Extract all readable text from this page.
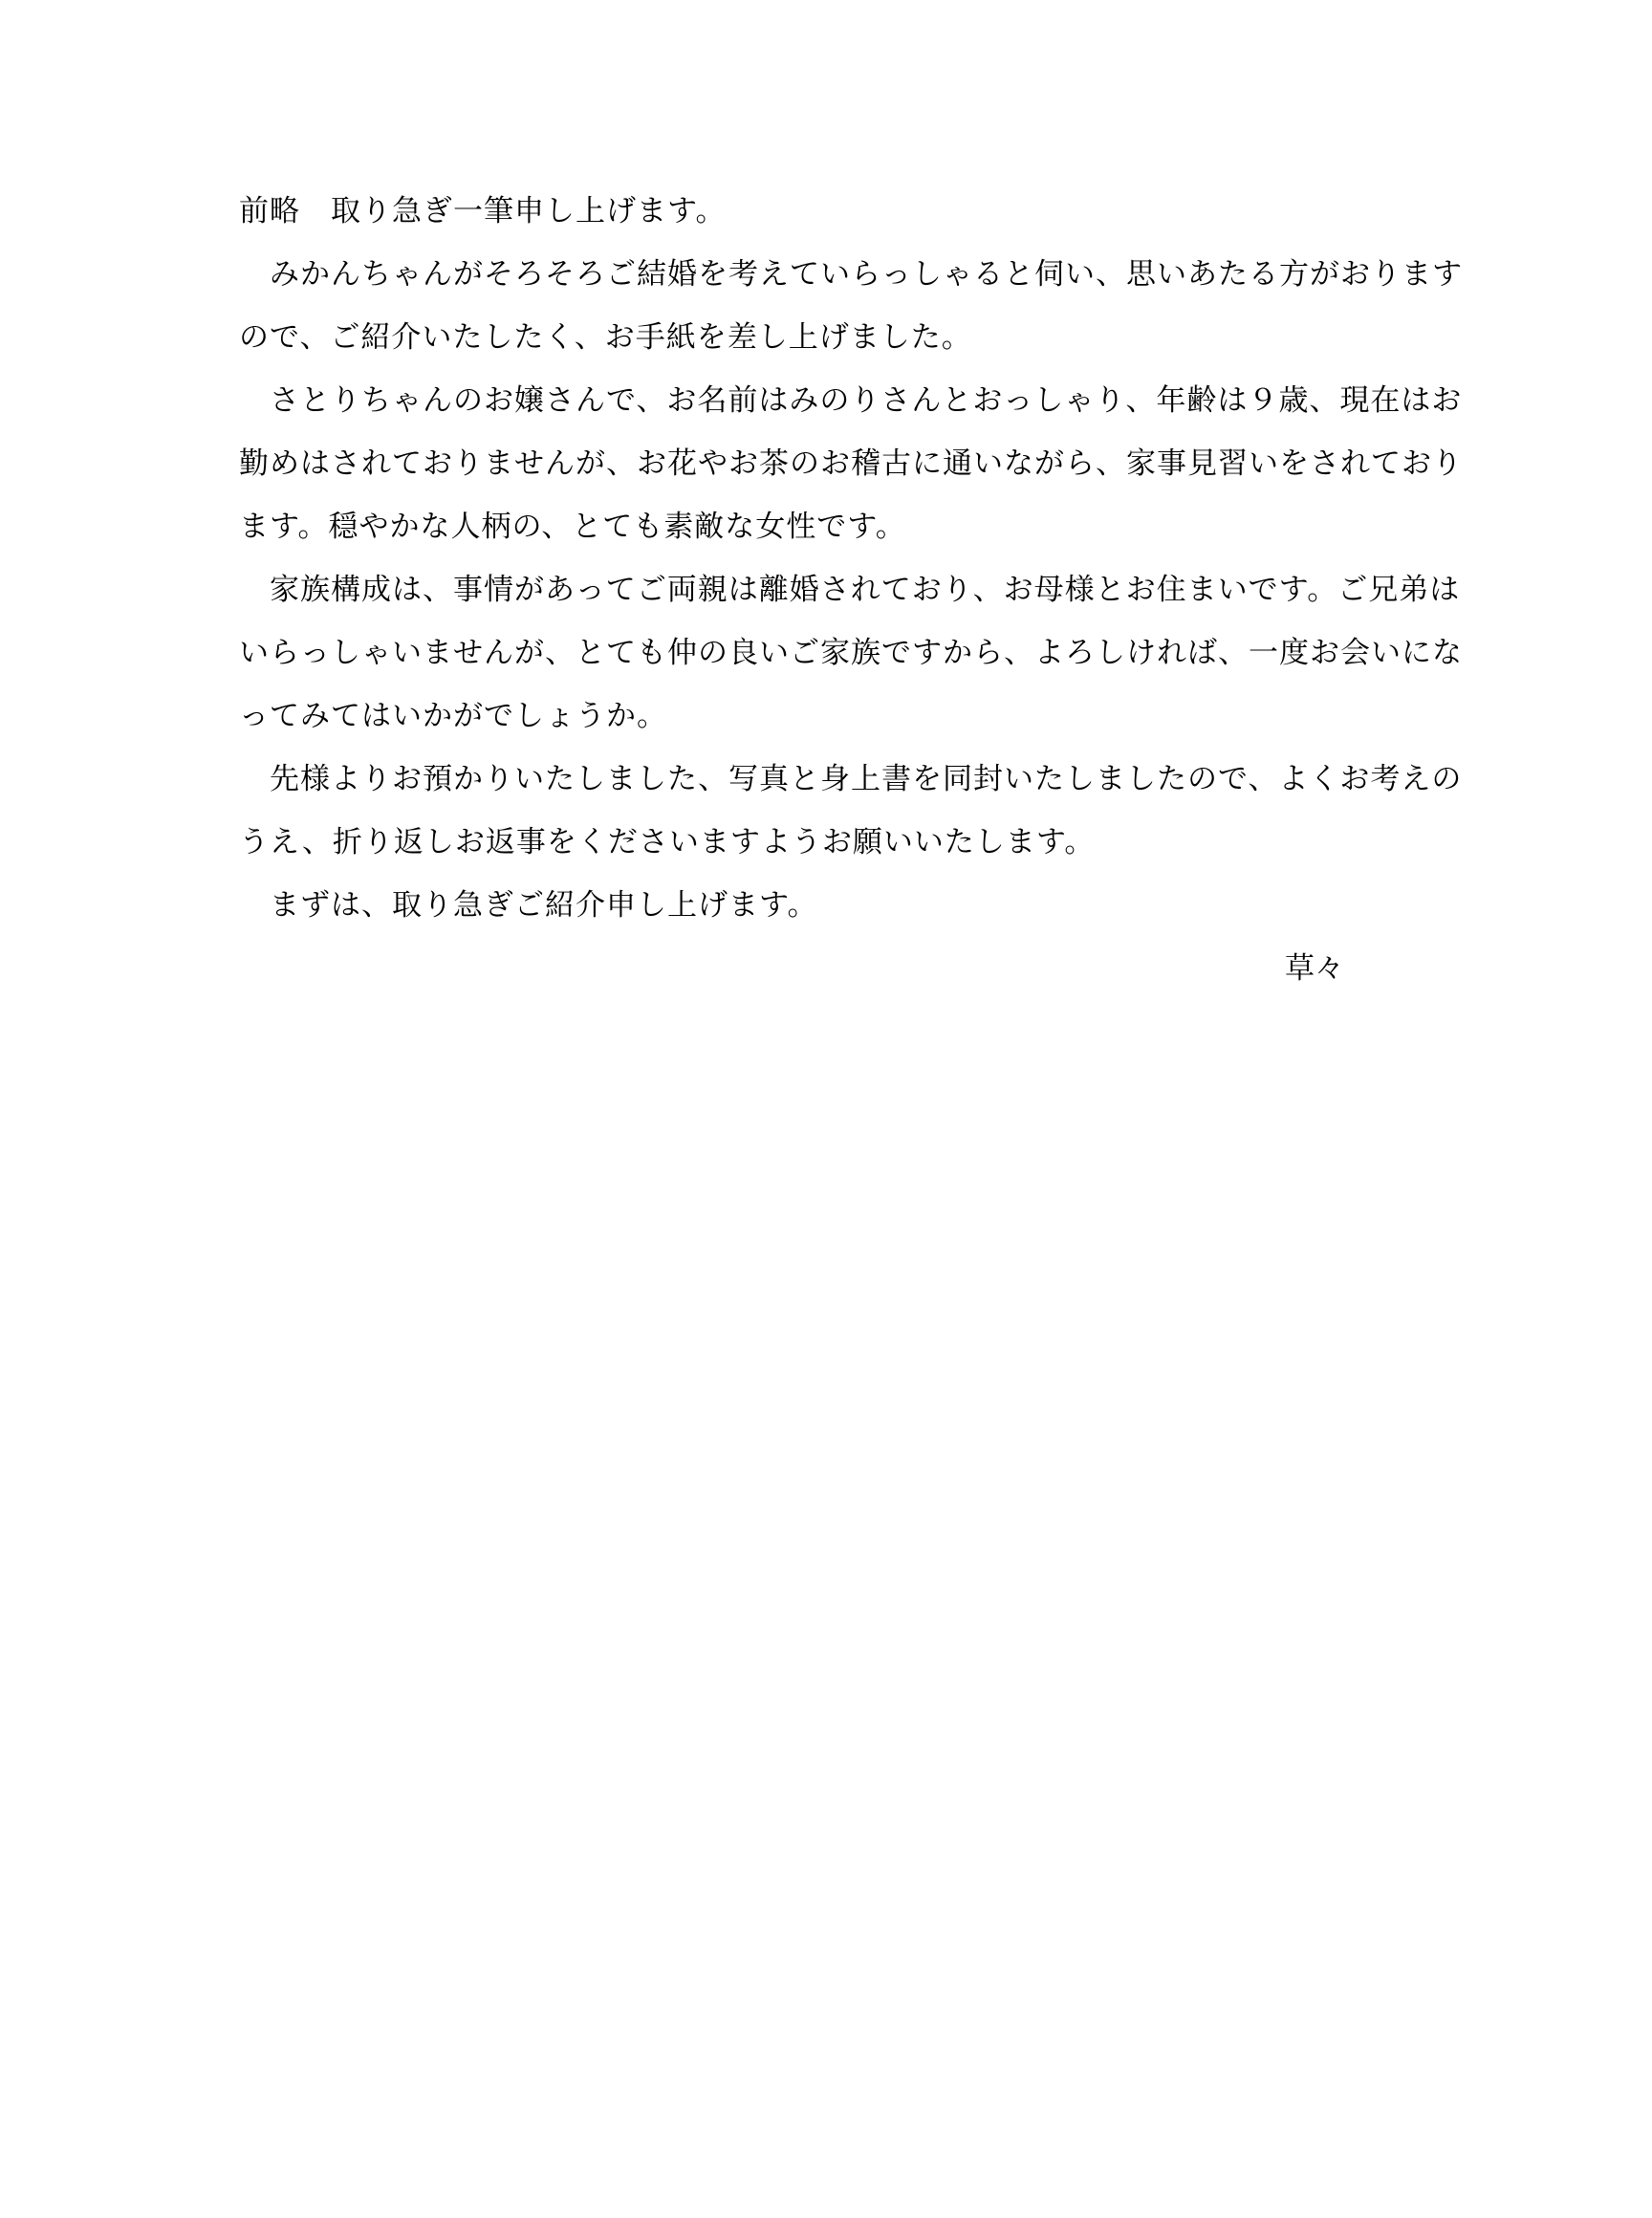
前略　取り急ぎ一筆申し上げます。
　みかんちゃんがそろそろご結婚を考えていらっしゃると伺い、思いあたる方がおります
ので、ご紹介いたしたく、お手紙を差し上げました。
　さとりちゃんのお嬢さんで、お名前はみのりさんとおっしゃり、年齢は９歳、現在はお
勤めはされておりませんが、お花やお茶のお稽古に通いながら、家事見習いをされており
ます。穏やかな人柄の、とても素敵な女性です。
　家族構成は、事情があってご両親は離婚されており、お母様とお住まいです。ご兄弟は
いらっしゃいませんが、とても仲の良いご家族ですから、よろしければ、一度お会いにな
ってみてはいかがでしょうか。
　先様よりお預かりいたしました、写真と身上書を同封いたしましたので、よくお考えの
うえ、折り返しお返事をくださいますようお願いいたします。
　まずは、取り急ぎご紹介申し上げます。
草々
